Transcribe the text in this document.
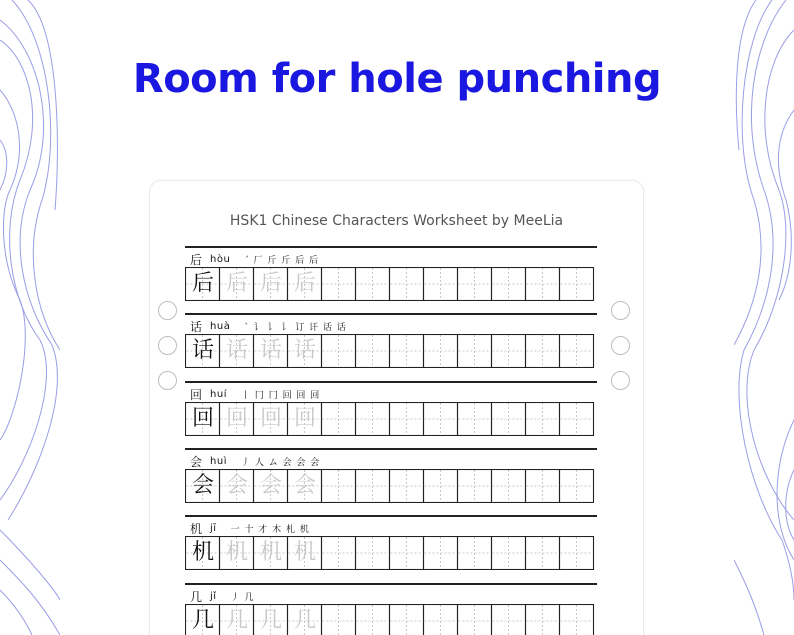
Room for hole punching
HSK1 Chinese Characters Worksheet by MeeLia
后 hòu ˊ 厂 斤 斤 后 后
后 后 后 后
话 huà ˋ 讠 讠 讠 订 讦 话 话
话 话 话 话
回 huí 丨 冂 冂 回 回 回
回 回 回 回
会 huì 丿 人 ム 会 会 会
会 会 会 会
机 jī 一 十 才 木 札 机
机 机 机 机
几 jǐ 丿 几
几 几 几 几
